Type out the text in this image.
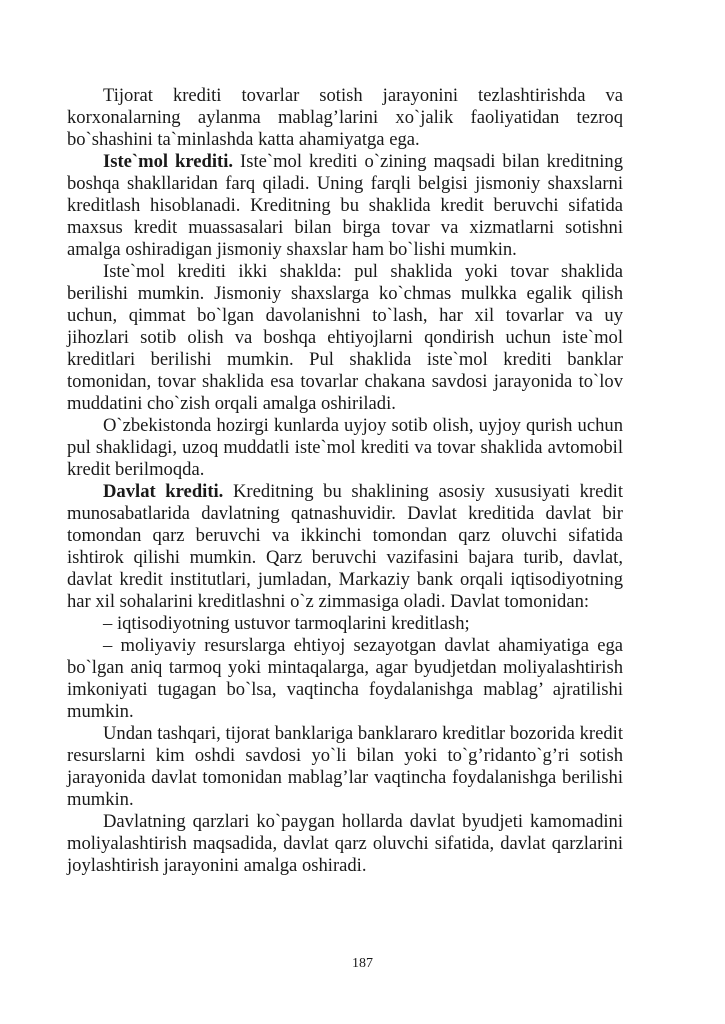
Tijorat krediti tovarlar sotish jarayonini tezlashtirishda va korxonalarning aylanma mablag’larini xo`jalik faoliyatidan tezroq bo`shashini ta`minlashda katta ahamiyatga ega.

Iste`mol krediti. Iste`mol krediti o`zining maqsadi bilan kreditning boshqa shakllaridan farq qiladi. Uning farqli belgisi jismoniy shaxslarni kreditlash hisoblanadi. Kreditning bu shaklida kredit beruvchi sifatida maxsus kredit muassasalari bilan birga tovar va xizmatlarni sotishni amalga oshiradigan jismoniy shaxslar ham bo`lishi mumkin.

Iste`mol krediti ikki shaklda: pul shaklida yoki tovar shaklida berilishi mumkin. Jismoniy shaxslarga ko`chmas mulkka egalik qilish uchun, qimmat bo`lgan davolanishni to`lash, har xil tovarlar va uy jihozlari sotib olish va boshqa ehtiyojlarni qondirish uchun iste`mol kreditlari berilishi mumkin. Pul shaklida iste`mol krediti banklar tomonidan, tovar shaklida esa tovarlar chakana savdosi jarayonida to`lov muddatini cho`zish orqali amalga oshiriladi.

O`zbekistonda hozirgi kunlarda uyjoy sotib olish, uyjoy qurish uchun pul shaklidagi, uzoq muddatli iste`mol krediti va tovar shaklida avtomobil kredit berilmoqda.

Davlat krediti. Kreditning bu shaklining asosiy xususiyati kredit munosabatlarida davlatning qatnashuvidir. Davlat kreditida davlat bir tomondan qarz beruvchi va ikkinchi tomondan qarz oluvchi sifatida ishtirok qilishi mumkin. Qarz beruvchi vazifasini bajara turib, davlat, davlat kredit institutlari, jumladan, Markaziy bank orqali iqtisodiyotning har xil sohalarini kreditlashni o`z zimmasiga oladi. Davlat tomonidan:

– iqtisodiyotning ustuvor tarmoqlarini kreditlash;

– moliyaviy resurslarga ehtiyoj sezayotgan davlat ahamiyatiga ega bo`lgan aniq tarmoq yoki mintaqalarga, agar byudjetdan moliyalashtirish imkoniyati tugagan bo`lsa, vaqtincha foydalanishga mablag’ ajratilishi mumkin.

Undan tashqari, tijorat banklariga banklararo kreditlar bozorida kredit resurslarni kim oshdi savdosi yo`li bilan yoki to`g’ridanto`g’ri sotish jarayonida davlat tomonidan mablag’lar vaqtincha foydalanishga berilishi mumkin.

Davlatning qarzlari ko`paygan hollarda davlat byudjeti kamomadini moliyalashtirish maqsadida, davlat qarz oluvchi sifatida, davlat qarzlarini joylashtirish jarayonini amalga oshiradi.

187
